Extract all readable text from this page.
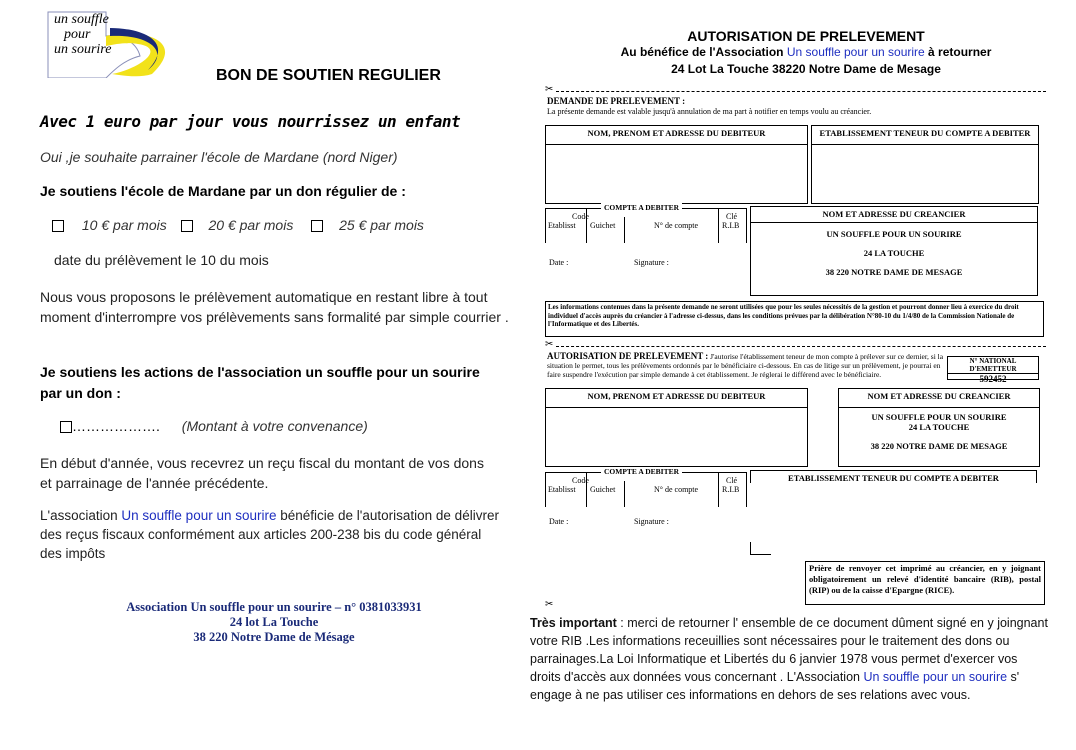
un souffle
pour
un sourire
BON DE SOUTIEN REGULIER
Avec 1 euro par jour vous nourrissez un enfant
Oui ,je souhaite parrainer l'école de Mardane (nord Niger)
Je soutiens l'école de Mardane par un don régulier de :
10 € par mois	20 € par mois	25 € par mois
date du prélèvement le 10 du mois
Nous vous proposons le prélèvement automatique en restant libre à tout moment d'interrompre vos prélèvements sans formalité par simple courrier .
Je soutiens les actions de l'association un souffle pour un sourire par un don :
………………. (Montant à votre convenance)
En début d'année, vous recevrez un reçu fiscal du montant de vos dons et parrainage de l'année précédente.
L'association Un souffle pour un sourire bénéficie de l'autorisation de délivrer des reçus fiscaux conformément aux articles 200-238 bis du code général des impôts
Association Un souffle pour un sourire – n° 0381033931
24 lot La Touche
38 220 Notre Dame de Mésage
AUTORISATION DE PRELEVEMENT
Au bénéfice de l'Association Un souffle pour un sourire à retourner
24 Lot La Touche 38220 Notre Dame de Mesage
✂
DEMANDE DE PRELEVEMENT :
La présente demande est valable jusqu'à annulation de ma part à notifier en temps voulu au créancier.
NOM, PRENOM ET ADRESSE DU DEBITEUR	ETABLISSEMENT TENEUR DU COMPTE A DEBITER
COMPTE A DEBITER
Code
Etablisst Guichet	N° de compte
Clé
R.I.B
Date :	Signature :
NOM ET ADRESSE DU CREANCIER
UN SOUFFLE POUR UN SOURIRE
24 LA TOUCHE
38 220 NOTRE DAME DE MESAGE
Les informations contenues dans la présente demande ne seront utilisées que pour les seules nécessités de la gestion et pourront donner lieu à exercice du droit individuel d'accès auprès du créancier à l'adresse ci-dessus, dans les conditions prévues par la délibération N°80-10 du 1/4/80 de la Commission Nationale de l'Informatique et des Libertés.
✂
AUTORISATION DE PRELEVEMENT : J'autorise l'établissement teneur de mon compte à prélever sur ce dernier, si la situation le permet, tous les prélèvements ordonnés par le bénéficiaire ci-dessous. En cas de litige sur un prélèvement, je pourrai en faire suspendre l'exécution par simple demande à cet établissement. Je réglerai le différend avec le bénéficiaire.
N° NATIONAL D'EMETTEUR
592452
NOM, PRENOM ET ADRESSE DU DEBITEUR	NOM ET ADRESSE DU CREANCIER
UN SOUFFLE POUR UN SOURIRE
24 LA TOUCHE
38 220 NOTRE DAME DE MESAGE
COMPTE A DEBITER
Code
Etablisst Guichet	N° de compte
Clé
R.I.B
Date :	Signature :
ETABLISSEMENT TENEUR DU COMPTE A DEBITER
Prière de renvoyer cet imprimé au créancier, en y joignant obligatoirement un relevé d'identité bancaire (RIB), postal (RIP) ou de la caisse d'Epargne (RICE).
✂
Très important : merci de retourner l' ensemble de ce document dûment signé en y joingnant votre RIB .Les informations receuillies sont nécessaires pour le traitement des dons ou parrainages.La Loi Informatique et Libertés du 6 janvier 1978 vous permet d'exercer vos droits d'accès aux données vous concernant . L'Association Un souffle pour un sourire s' engage à ne pas utiliser ces informations en dehors de ses relations avec vous.
